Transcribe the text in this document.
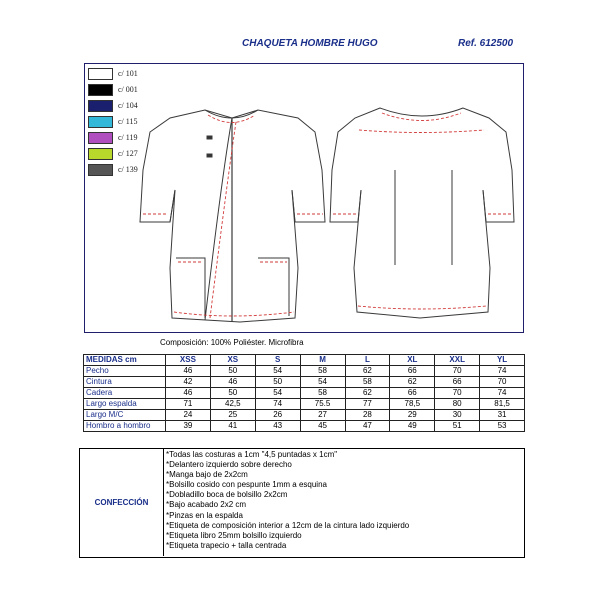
CHAQUETA HOMBRE HUGO	Ref. 612500
c/ 101
c/ 001
c/ 104
c/ 115
c/ 119
c/ 127
c/ 139
Composición: 100% Poliéster. Microfibra
MEDIDAS cm	XSS	XS	S	M	L	XL	XXL	YL
Pecho	46	50	54	58	62	66	70	74
Cintura	42	46	50	54	58	62	66	70
Cadera	46	50	54	58	62	66	70	74
Largo espalda	71	42,5	74	75.5	77	78,5	80	81,5
Largo M/C	24	25	26	27	28	29	30	31
Hombro a hombro	39	41	43	45	47	49	51	53
CONFECCIÓN
*Todas las costuras a 1cm "4,5 puntadas x 1cm"
*Delantero izquierdo sobre derecho
*Manga bajo de 2x2cm
*Bolsillo cosido con pespunte 1mm a esquina
*Dobladillo boca de bolsillo 2x2cm
*Bajo acabado 2x2 cm
*Pinzas en la espalda
*Etiqueta de composición interior a 12cm de la cintura lado izquierdo
*Etiqueta libro 25mm bolsillo izquierdo
*Etiqueta trapecio + talla centrada
